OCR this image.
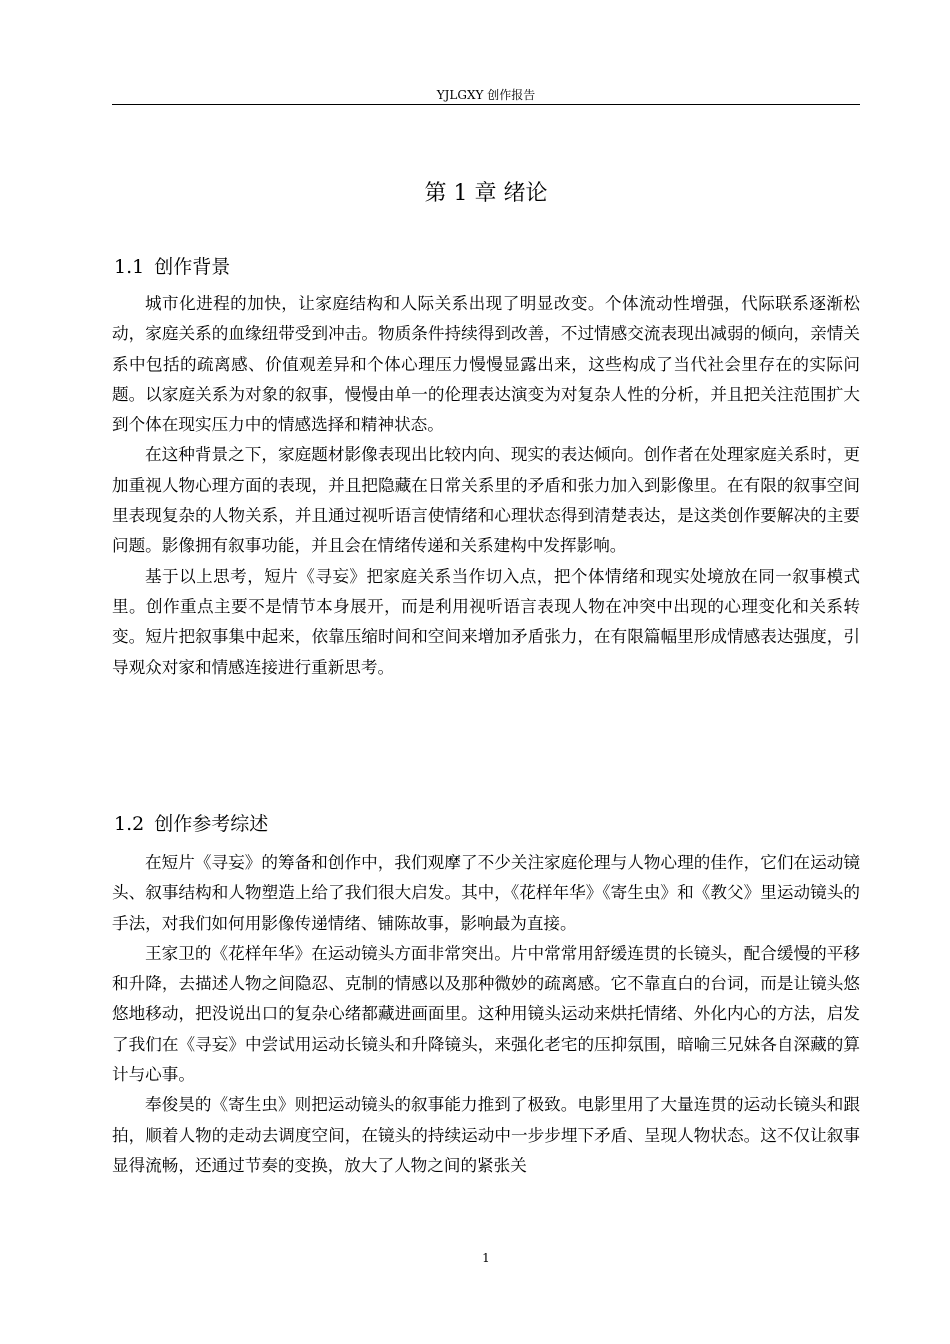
YJLGXY 创作报告
第 1 章 绪论
1.1 创作背景

城市化进程的加快，让家庭结构和人际关系出现了明显改变。个体流动性增强，代际联系逐渐松动，家庭关系的血缘纽带受到冲击。物质条件持续得到改善，不过情感交流表现出减弱的倾向，亲情关系中包括的疏离感、价值观差异和个体心理压力慢慢显露出来，这些构成了当代社会里存在的实际问题。以家庭关系为对象的叙事，慢慢由单一的伦理表达演变为对复杂人性的分析，并且把关注范围扩大到个体在现实压力中的情感选择和精神状态。

在这种背景之下，家庭题材影像表现出比较内向、现实的表达倾向。创作者在处理家庭关系时，更加重视人物心理方面的表现，并且把隐藏在日常关系里的矛盾和张力加入到影像里。在有限的叙事空间里表现复杂的人物关系，并且通过视听语言使情绪和心理状态得到清楚表达，是这类创作要解决的主要问题。影像拥有叙事功能，并且会在情绪传递和关系建构中发挥影响。

基于以上思考，短片《寻妄》把家庭关系当作切入点，把个体情绪和现实处境放在同一叙事模式里。创作重点主要不是情节本身展开，而是利用视听语言表现人物在冲突中出现的心理变化和关系转变。短片把叙事集中起来，依靠压缩时间和空间来增加矛盾张力，在有限篇幅里形成情感表达强度，引导观众对家和情感连接进行重新思考。

1.2 创作参考综述

在短片《寻妄》的筹备和创作中，我们观摩了不少关注家庭伦理与人物心理的佳作，它们在运动镜头、叙事结构和人物塑造上给了我们很大启发。其中，《花样年华》《寄生虫》和《教父》里运动镜头的手法，对我们如何用影像传递情绪、铺陈故事，影响最为直接。

王家卫的《花样年华》在运动镜头方面非常突出。片中常常用舒缓连贯的长镜头，配合缓慢的平移和升降，去描述人物之间隐忍、克制的情感以及那种微妙的疏离感。它不靠直白的台词，而是让镜头悠悠地移动，把没说出口的复杂心绪都藏进画面里。这种用镜头运动来烘托情绪、外化内心的方法，启发了我们在《寻妄》中尝试用运动长镜头和升降镜头，来强化老宅的压抑氛围，暗喻三兄妹各自深藏的算计与心事。

奉俊昊的《寄生虫》则把运动镜头的叙事能力推到了极致。电影里用了大量连贯的运动长镜头和跟拍，顺着人物的走动去调度空间，在镜头的持续运动中一步步埋下矛盾、呈现人物状态。这不仅让叙事显得流畅，还通过节奏的变换，放大了人物之间的紧张关

1
